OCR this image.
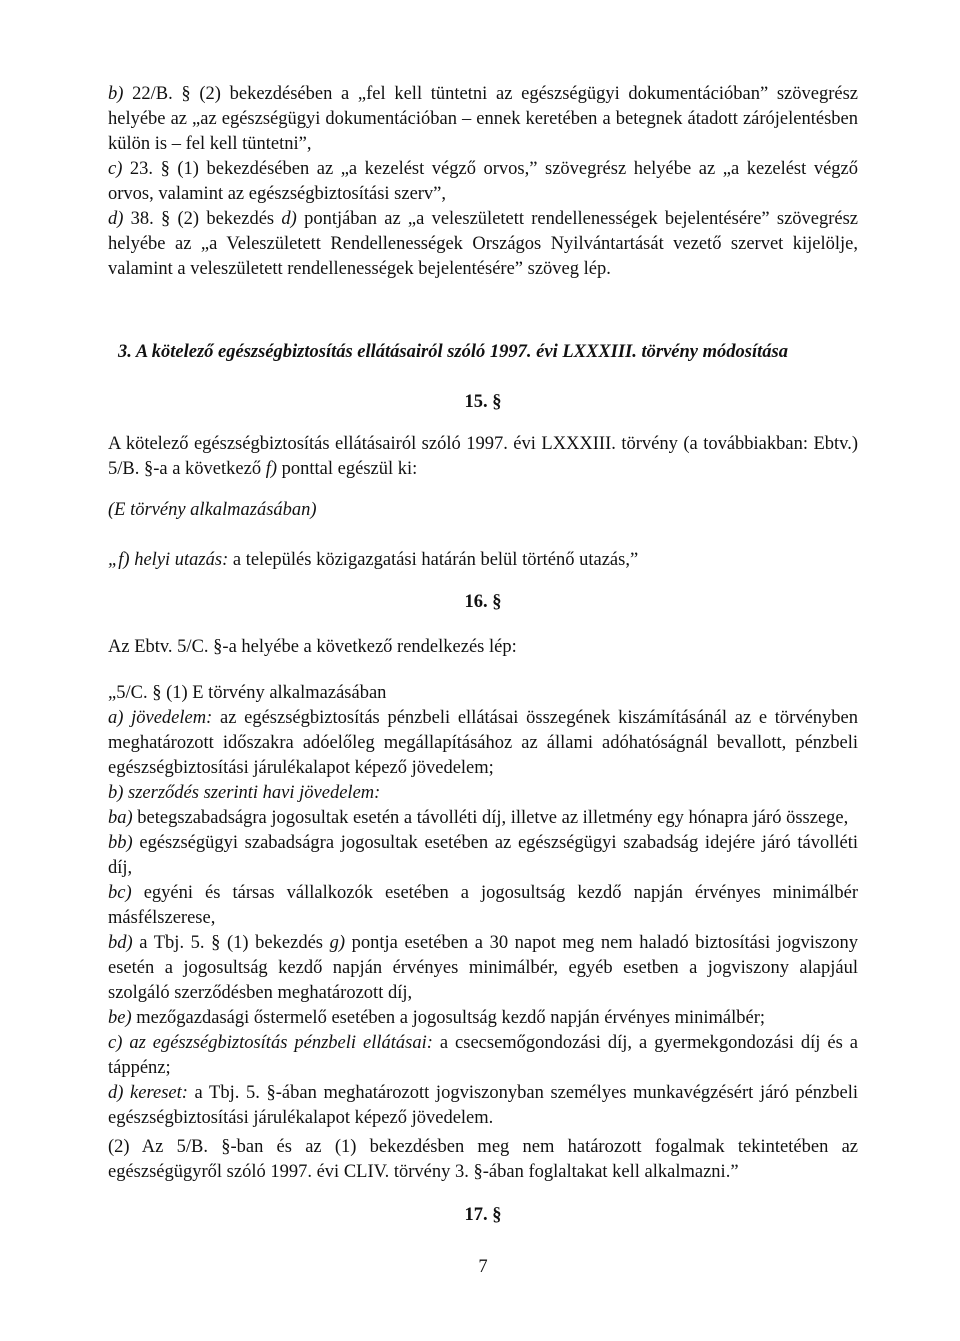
b) 22/B. § (2) bekezdésében a „fel kell tüntetni az egészségügyi dokumentációban” szövegrész helyébe az „az egészségügyi dokumentációban – ennek keretében a betegnek átadott zárójelentésben külön is – fel kell tüntetni”,

c) 23. § (1) bekezdésében az „a kezelést végző orvos,” szövegrész helyébe az „a kezelést végző orvos, valamint az egészségbiztosítási szerv”,

d) 38. § (2) bekezdés d) pontjában az „a veleszületett rendellenességek bejelentésére” szövegrész helyébe az „a Veleszületett Rendellenességek Országos Nyilvántartását vezető szervet kijelölje, valamint a veleszületett rendellenességek bejelentésére” szöveg lép.

3. A kötelező egészségbiztosítás ellátásairól szóló 1997. évi LXXXIII. törvény módosítása

15. §

A kötelező egészségbiztosítás ellátásairól szóló 1997. évi LXXXIII. törvény (a továbbiakban: Ebtv.) 5/B. §-a a következő f) ponttal egészül ki:

(E törvény alkalmazásában)

„f) helyi utazás: a település közigazgatási határán belül történő utazás,”

16. §

Az Ebtv. 5/C. §-a helyébe a következő rendelkezés lép:

„5/C. § (1) E törvény alkalmazásában

a) jövedelem: az egészségbiztosítás pénzbeli ellátásai összegének kiszámításánál az e törvényben meghatározott időszakra adóelőleg megállapításához az állami adóhatóságnál bevallott, pénzbeli egészségbiztosítási járulékalapot képező jövedelem;

b) szerződés szerinti havi jövedelem:

ba) betegszabadságra jogosultak esetén a távolléti díj, illetve az illetmény egy hónapra járó összege,

bb) egészségügyi szabadságra jogosultak esetében az egészségügyi szabadság idejére járó távolléti díj,

bc) egyéni és társas vállalkozók esetében a jogosultság kezdő napján érvényes minimálbér másfélszerese,

bd) a Tbj. 5. § (1) bekezdés g) pontja esetében a 30 napot meg nem haladó biztosítási jogviszony esetén a jogosultság kezdő napján érvényes minimálbér, egyéb esetben a jogviszony alapjául szolgáló szerződésben meghatározott díj,

be) mezőgazdasági őstermelő esetében a jogosultság kezdő napján érvényes minimálbér;

c) az egészségbiztosítás pénzbeli ellátásai: a csecsemőgondozási díj, a gyermekgondozási díj és a táppénz;

d) kereset: a Tbj. 5. §-ában meghatározott jogviszonyban személyes munkavégzésért járó pénzbeli egészségbiztosítási járulékalapot képező jövedelem.

(2) Az 5/B. §-ban és az (1) bekezdésben meg nem határozott fogalmak tekintetében az egészségügyről szóló 1997. évi CLIV. törvény 3. §-ában foglaltakat kell alkalmazni.”

17. §

7
